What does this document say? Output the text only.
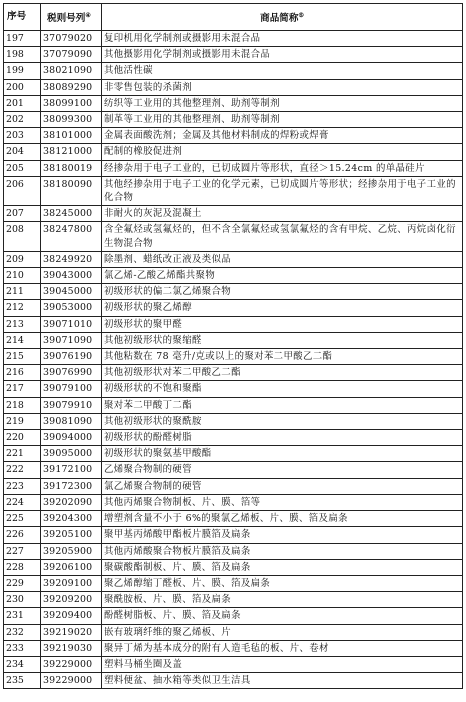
序号	税则号列④	商品简称⑤
197	37079020	复印机用化学制剂或摄影用未混合品
198	37079090	其他摄影用化学制剂或摄影用未混合品
199	38021090	其他活性碳
200	38089290	非零售包装的杀菌剂
201	38099100	纺织等工业用的其他整理剂、助剂等制剂
202	38099300	制革等工业用的其他整理剂、助剂等制剂
203	38101000	金属表面酸洗剂；金属及其他材料制成的焊粉或焊膏
204	38121000	配制的橡胶促进剂
205	38180019	经掺杂用于电子工业的，已切成圆片等形状，直径＞15.24cm 的单晶硅片
206	38180090	其他经掺杂用于电子工业的化学元素，已切成圆片等形状；经掺杂用于电子工业的化合物
207	38245000	非耐火的灰泥及混凝土
208	38247800	含全氟烃或氢氟烃的，但不含全氯氟烃或氢氯氟烃的含有甲烷、乙烷、丙烷卤化衍生物混合物
209	38249920	除墨剂、蜡纸改正液及类似品
210	39043000	氯乙烯-乙酸乙烯酯共聚物
211	39045000	初级形状的偏二氯乙烯聚合物
212	39053000	初级形状的聚乙烯醇
213	39071010	初级形状的聚甲醛
214	39071090	其他初级形状的聚缩醛
215	39076190	其他粘数在 78 毫升/克或以上的聚对苯二甲酸乙二酯
216	39076990	其他初级形状对苯二甲酸乙二酯
217	39079100	初级形状的不饱和聚酯
218	39079910	聚对苯二甲酸丁二酯
219	39081090	其他初级形状的聚酰胺
220	39094000	初级形状的酚醛树脂
221	39095000	初级形状的聚氨基甲酸酯
222	39172100	乙烯聚合物制的硬管
223	39172300	氯乙烯聚合物制的硬管
224	39202090	其他丙烯聚合物制板、片、膜、箔等
225	39204300	增塑剂含量不小于 6%的聚氯乙烯板、片、膜、箔及扁条
226	39205100	聚甲基丙烯酸甲酯板片膜箔及扁条
227	39205900	其他丙烯酸聚合物板片膜箔及扁条
228	39206100	聚碳酸酯制板、片、膜、箔及扁条
229	39209100	聚乙烯醇缩丁醛板、片、膜、箔及扁条
230	39209200	聚酰胺板、片、膜、箔及扁条
231	39209400	酚醛树脂板、片、膜、箔及扁条
232	39219020	嵌有玻璃纤维的聚乙烯板、片
233	39219030	聚异丁烯为基本成分的附有人造毛毡的板、片、卷材
234	39229000	塑料马桶坐圈及盖
235	39229000	塑料便盆、抽水箱等类似卫生洁具
